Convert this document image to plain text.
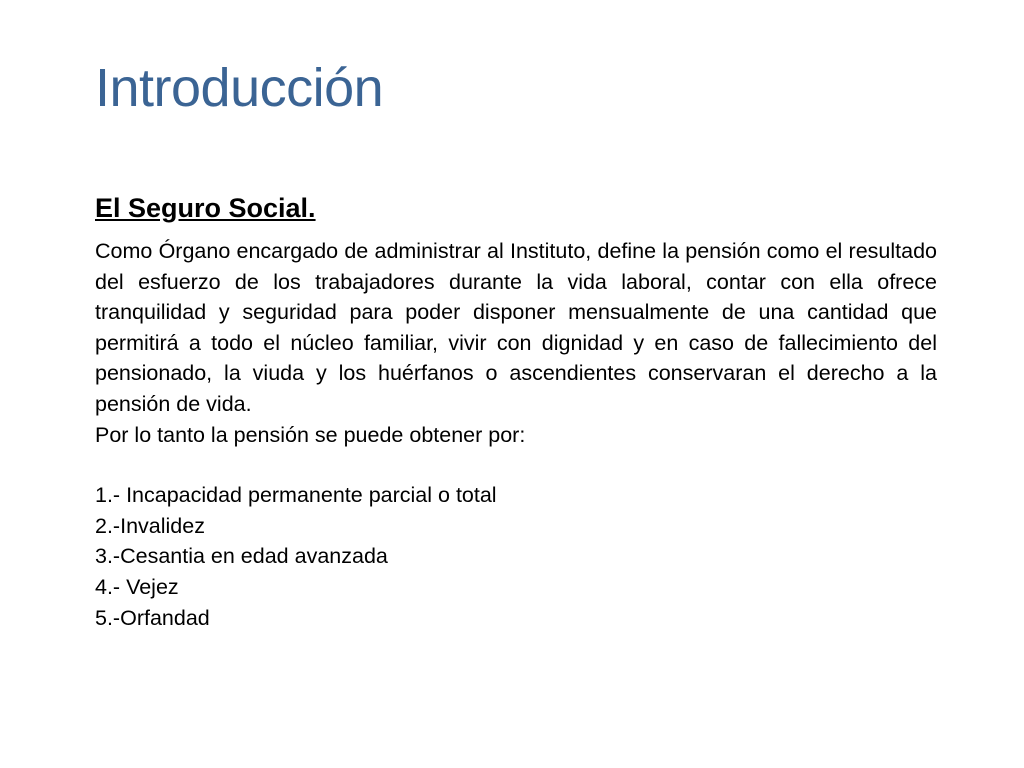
Introducción
El Seguro Social.

Como Órgano encargado de administrar al Instituto, define la pensión como el resultado del esfuerzo de los trabajadores durante la vida laboral, contar con ella ofrece tranquilidad y seguridad para poder disponer mensualmente de una cantidad que permitirá a todo el núcleo familiar, vivir con dignidad y en caso de fallecimiento del pensionado, la viuda y los huérfanos o ascendientes conservaran el derecho a la pensión de vida.

Por lo tanto la pensión se puede obtener por:

1.- Incapacidad permanente parcial o total
2.-Invalidez
3.-Cesantia en edad avanzada
4.- Vejez
5.-Orfandad
